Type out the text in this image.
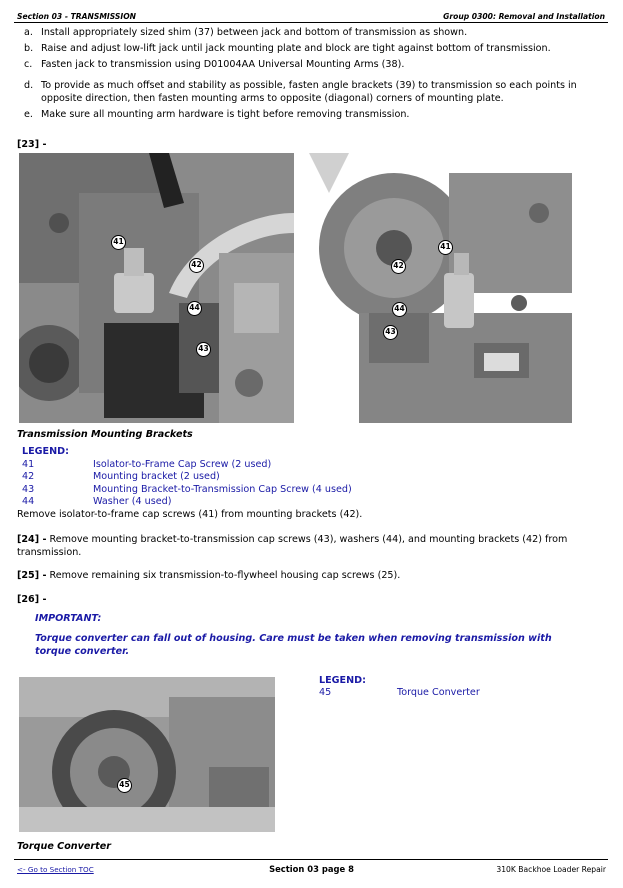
Section 03 - TRANSMISSION	Group 0300: Removal and Installation
a. Install appropriately sized shim (37) between jack and bottom of transmission as shown.
b. Raise and adjust low-lift jack until jack mounting plate and block are tight against bottom of transmission.
c. Fasten jack to transmission using D01004AA Universal Mounting Arms (38).
d. To provide as much offset and stability as possible, fasten angle brackets (39) to transmission so each points in opposite direction, then fasten mounting arms to opposite (diagonal) corners of mounting plate.
e. Make sure all mounting arm hardware is tight before removing transmission.
[23] -
41
42
44
43
41
42
44
43
Transmission Mounting Brackets
LEGEND:
41	Isolator-to-Frame Cap Screw (2 used)
42	Mounting bracket (2 used)
43	Mounting Bracket-to-Transmission Cap Screw (4 used)
44	Washer (4 used)
Remove isolator-to-frame cap screws (41) from mounting brackets (42).
[24] - Remove mounting bracket-to-transmission cap screws (43), washers (44), and mounting brackets (42) from transmission.
[25] - Remove remaining six transmission-to-flywheel housing cap screws (25).
[26] -
IMPORTANT:
Torque converter can fall out of housing. Care must be taken when removing transmission with torque converter.
45
LEGEND:
45	Torque Converter
Torque Converter
<- Go to Section TOC	Section 03 page 8	310K Backhoe Loader Repair
